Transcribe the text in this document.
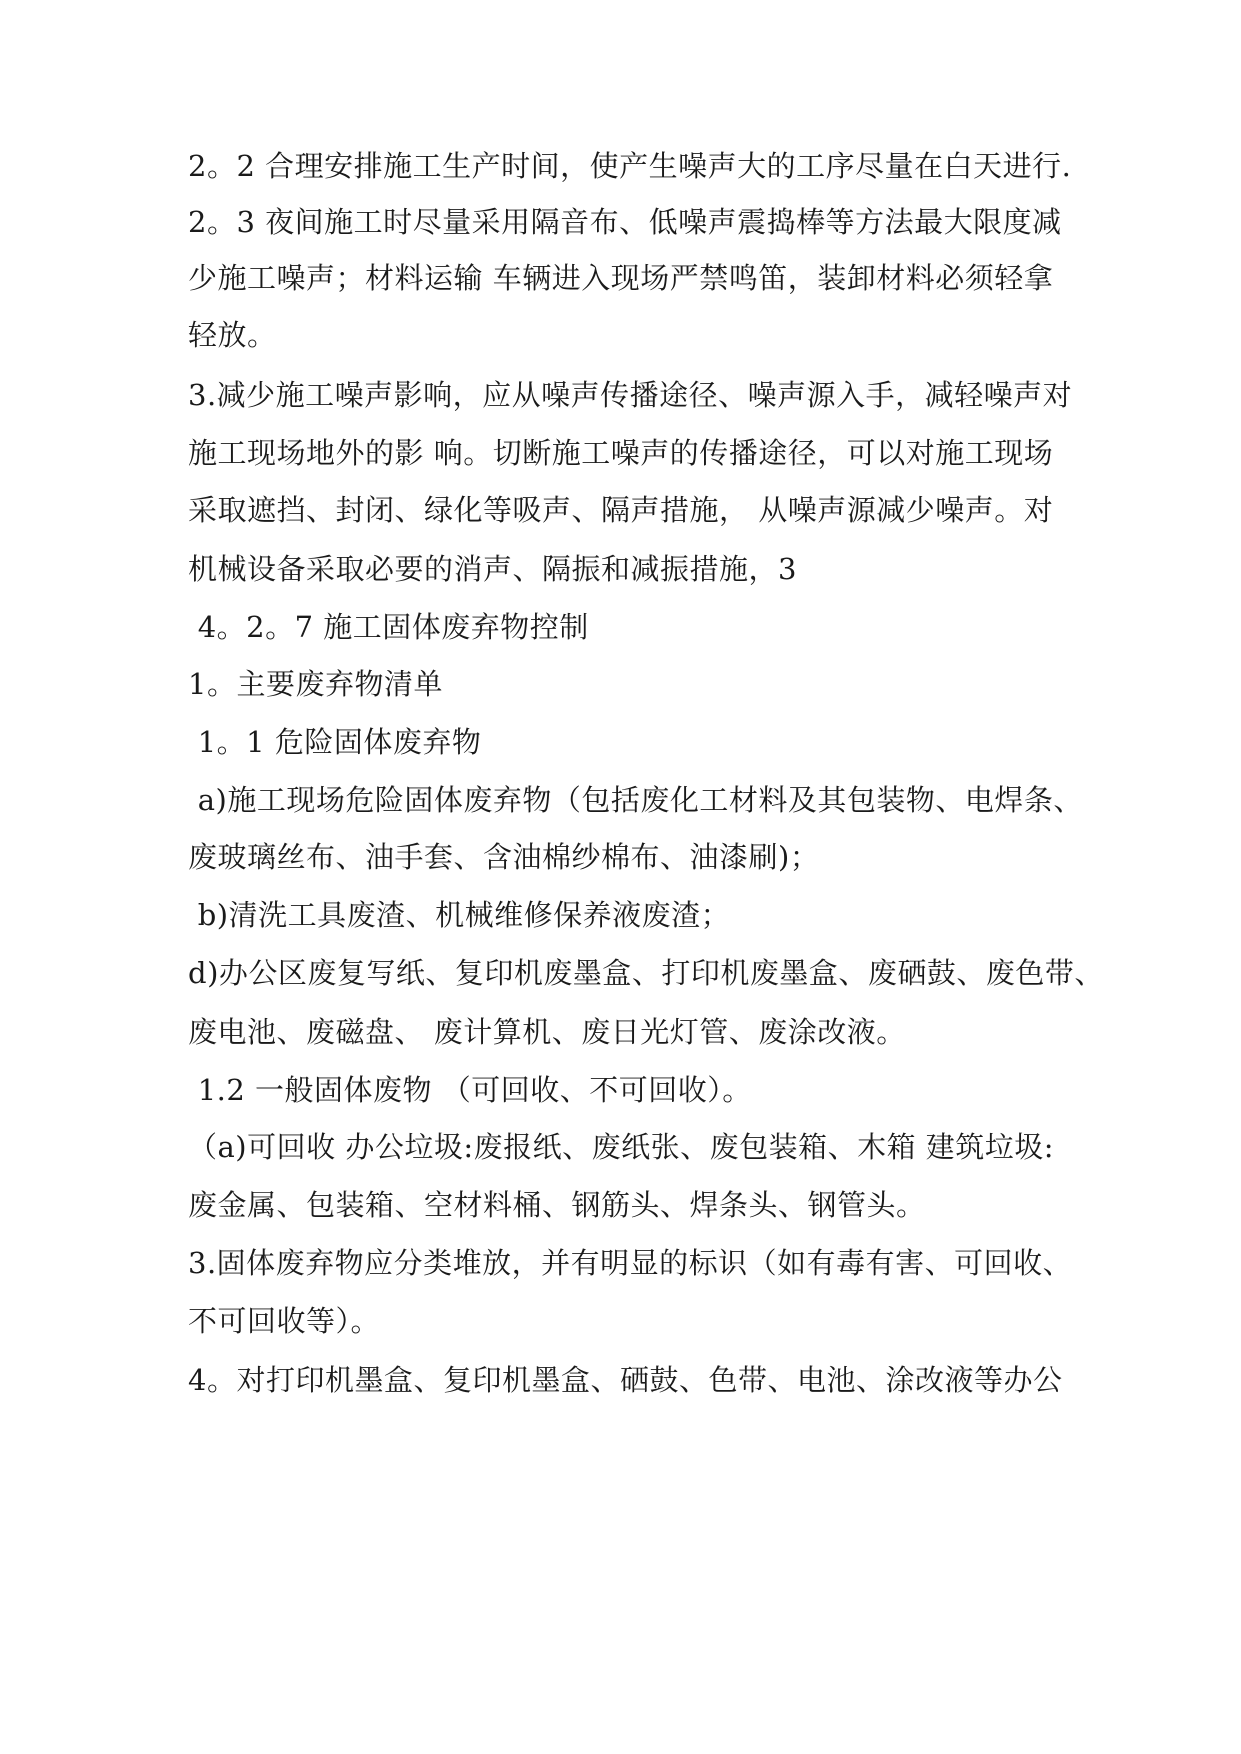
2。2 合理安排施工生产时间，使产生噪声大的工序尽量在白天进行.
2。3 夜间施工时尽量采用隔音布、低噪声震捣棒等方法最大限度减
少施工噪声；材料运输 车辆进入现场严禁鸣笛，装卸材料必须轻拿
轻放。
3.减少施工噪声影响，应从噪声传播途径、噪声源入手，减轻噪声对
施工现场地外的影 响。切断施工噪声的传播途径，可以对施工现场
采取遮挡、封闭、绿化等吸声、隔声措施， 从噪声源减少噪声。对
机械设备采取必要的消声、隔振和减振措施，3
4。2。7 施工固体废弃物控制
1。主要废弃物清单
1。1 危险固体废弃物
a)施工现场危险固体废弃物（包括废化工材料及其包装物、电焊条、
废玻璃丝布、油手套、含油棉纱棉布、油漆刷)；
b)清洗工具废渣、机械维修保养液废渣；
d)办公区废复写纸、复印机废墨盒、打印机废墨盒、废硒鼓、废色带、
废电池、废磁盘、 废计算机、废日光灯管、废涂改液。
1.2 一般固体废物 （可回收、不可回收）。
（a)可回收 办公垃圾:废报纸、废纸张、废包装箱、木箱 建筑垃圾:
废金属、包装箱、空材料桶、钢筋头、焊条头、钢管头。
3.固体废弃物应分类堆放，并有明显的标识（如有毒有害、可回收、
不可回收等）。
4。对打印机墨盒、复印机墨盒、硒鼓、色带、电池、涂改液等办公
